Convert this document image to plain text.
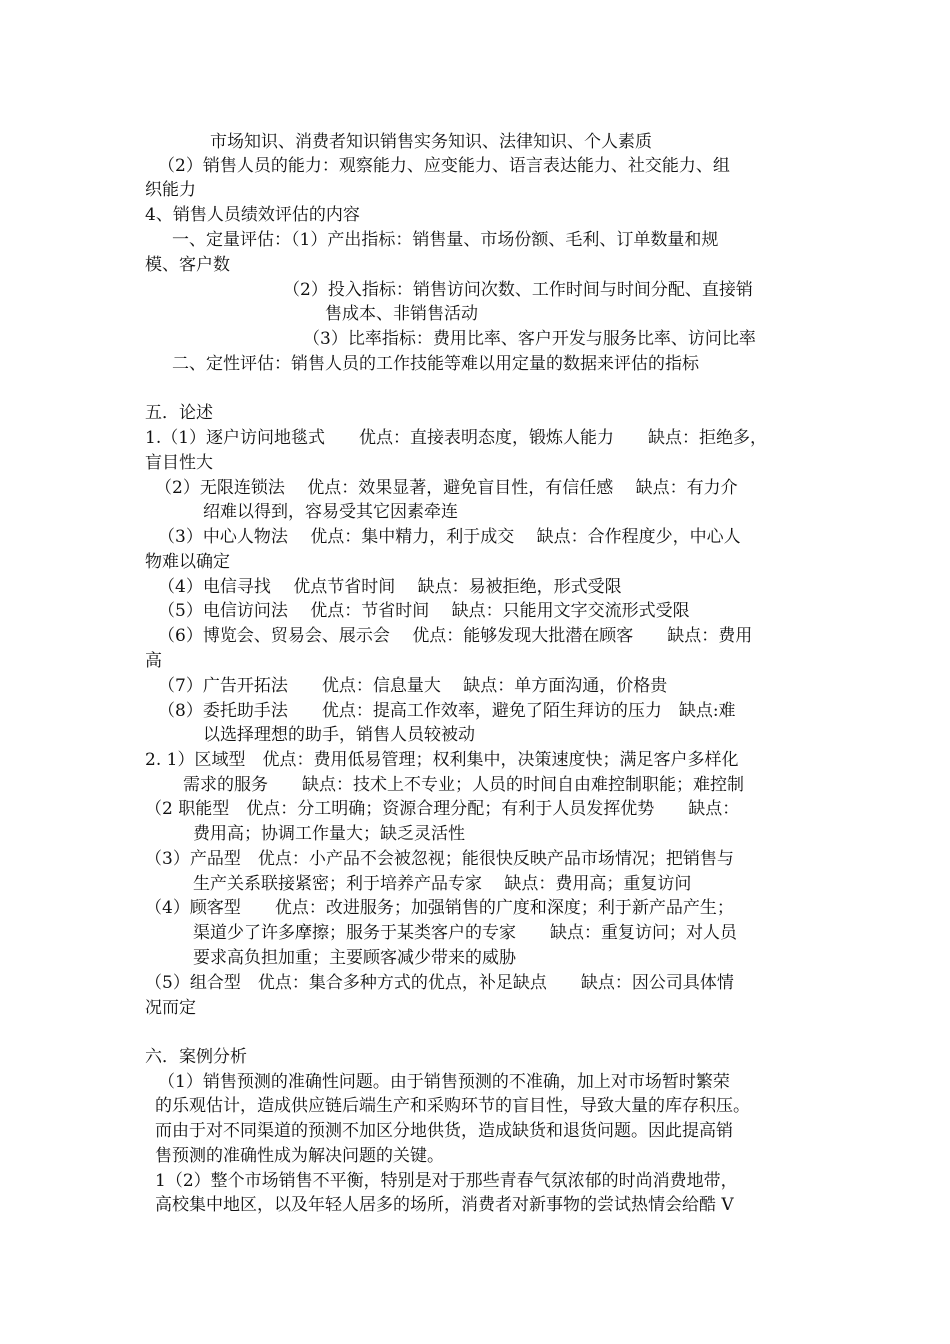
市场知识、消费者知识销售实务知识、法律知识、个人素质
（2）销售人员的能力：观察能力、应变能力、语言表达能力、社交能力、组
织能力
4、销售人员绩效评估的内容
一、定量评估：（1）产出指标：销售量、市场份额、毛利、订单数量和规
模、客户数
（2）投入指标：销售访问次数、工作时间与时间分配、直接销
售成本、非销售活动
（3）比率指标：费用比率、客户开发与服务比率、访问比率
二、定性评估：销售人员的工作技能等难以用定量的数据来评估的指标
五．论述
1.（1）逐户访问地毯式　　优点：直接表明态度，锻炼人能力　　缺点：拒绝多，
盲目性大
（2）无限连锁法　 优点：效果显著，避免盲目性，有信任感　 缺点：有力介
绍难以得到，容易受其它因素牵连
（3）中心人物法　 优点：集中精力，利于成交　 缺点：合作程度少，中心人
物难以确定
（4）电信寻找　 优点节省时间　 缺点：易被拒绝，形式受限
（5）电信访问法　 优点：节省时间　 缺点：只能用文字交流形式受限
（6）博览会、贸易会、展示会　 优点：能够发现大批潜在顾客　　缺点：费用
高
（7）广告开拓法　　优点：信息量大　 缺点：单方面沟通，价格贵
（8）委托助手法　　优点：提高工作效率，避免了陌生拜访的压力　缺点:难
以选择理想的助手，销售人员较被动
2. 1）区域型　优点：费用低易管理；权利集中，决策速度快；满足客户多样化
需求的服务　　缺点：技术上不专业；人员的时间自由难控制职能；难控制
（2 职能型　优点：分工明确；资源合理分配；有利于人员发挥优势　　缺点：
费用高；协调工作量大；缺乏灵活性
（3）产品型　优点：小产品不会被忽视；能很快反映产品市场情况；把销售与
生产关系联接紧密；利于培养产品专家　 缺点：费用高；重复访问
（4）顾客型　　优点：改进服务；加强销售的广度和深度；利于新产品产生；
渠道少了许多摩擦；服务于某类客户的专家　　缺点：重复访问；对人员
要求高负担加重；主要顾客减少带来的威胁
（5）组合型　优点：集合多种方式的优点，补足缺点　　缺点：因公司具体情
况而定
六．案例分析
（1）销售预测的准确性问题。由于销售预测的不准确，加上对市场暂时繁荣
的乐观估计，造成供应链后端生产和采购环节的盲目性，导致大量的库存积压。
而由于对不同渠道的预测不加区分地供货，造成缺货和退货问题。因此提高销
售预测的准确性成为解决问题的关键。
1（2）整个市场销售不平衡，特别是对于那些青春气氛浓郁的时尚消费地带，
高校集中地区，以及年轻人居多的场所，消费者对新事物的尝试热情会给酷 V
